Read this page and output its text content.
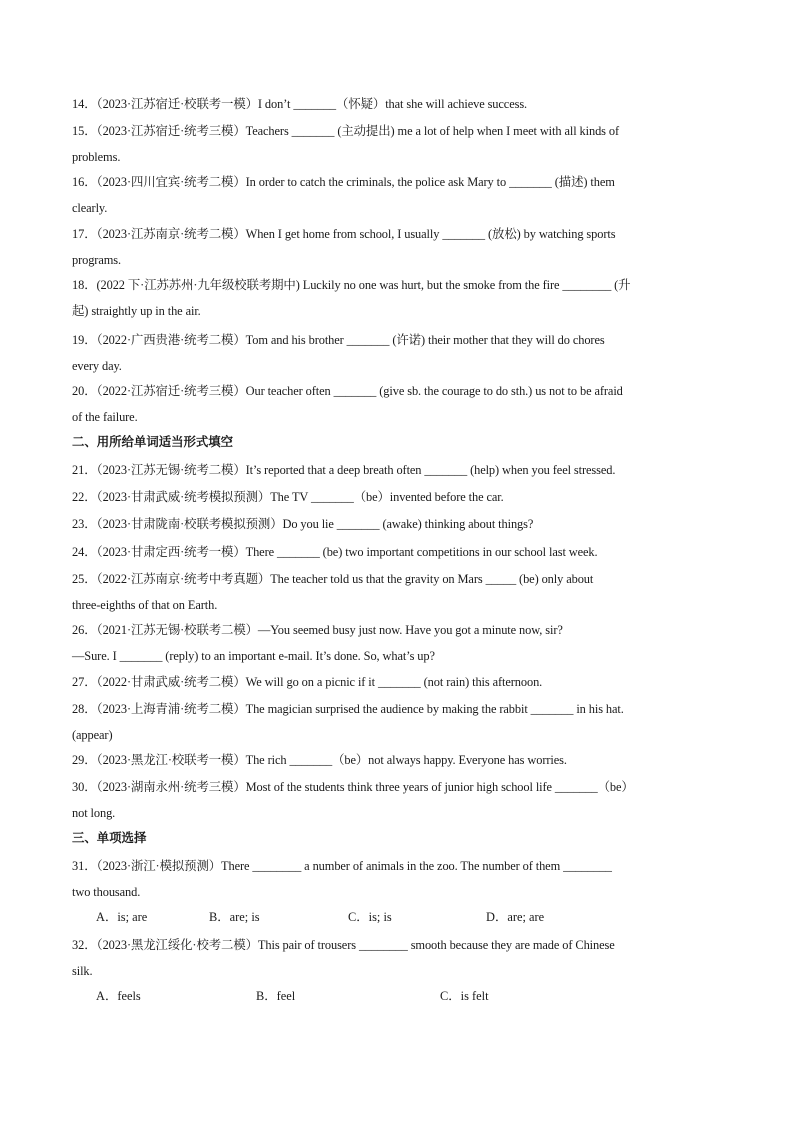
14．（2023·江苏宿迁·校联考一模）I don’t _______（怀疑）that she will achieve success.
15．（2023·江苏宿迁·统考三模）Teachers _______ (主动提出) me a lot of help when I meet with all kinds of
problems.
16．（2023·四川宜宾·统考二模）In order to catch the criminals, the police ask Mary to _______ (描述) them
clearly.
17．（2023·江苏南京·统考二模）When I get home from school, I usually _______ (放松) by watching sports
programs.
18．(2022 下·江苏苏州·九年级校联考期中) Luckily no one was hurt, but the smoke from the fire ________ (升
起) straightly up in the air.
19．（2022·广西贵港·统考二模）Tom and his brother _______ (许诺) their mother that they will do chores
every day.
20．（2022·江苏宿迁·统考三模）Our teacher often _______ (give sb. the courage to do sth.) us not to be afraid
of the failure.
二、用所给单词适当形式填空
21．（2023·江苏无锡·统考二模）It’s reported that a deep breath often _______ (help) when you feel stressed.
22．（2023·甘肃武威·统考模拟预测）The TV _______（be）invented before the car.
23．（2023·甘肃陇南·校联考模拟预测）Do you lie _______ (awake) thinking about things?
24．（2023·甘肃定西·统考一模）There _______ (be) two important competitions in our school last week.
25．（2022·江苏南京·统考中考真题）The teacher told us that the gravity on Mars _____ (be) only about
three-eighths of that on Earth.
26．（2021·江苏无锡·校联考二模）—You seemed busy just now. Have you got a minute now, sir?
—Sure. I _______ (reply) to an important e-mail. It’s done. So, what’s up?
27．（2022·甘肃武威·统考二模）We will go on a picnic if it _______ (not rain) this afternoon.
28．（2023·上海青浦·统考二模）The magician surprised the audience by making the rabbit _______ in his hat.
(appear)
29．（2023·黑龙江·校联考一模）The rich _______（be）not always happy. Everyone has worries.
30．（2023·湖南永州·统考三模）Most of the students think three years of junior high school life _______（be）
not long.
三、单项选择
31．（2023·浙江·模拟预测）There ________ a number of animals in the zoo. The number of them ________
two thousand.
A．is; are	B．are; is	C．is; is	D．are; are
32．（2023·黑龙江绥化·校考二模）This pair of trousers ________ smooth because they are made of Chinese
silk.
A．feels	B．feel	C．is felt
